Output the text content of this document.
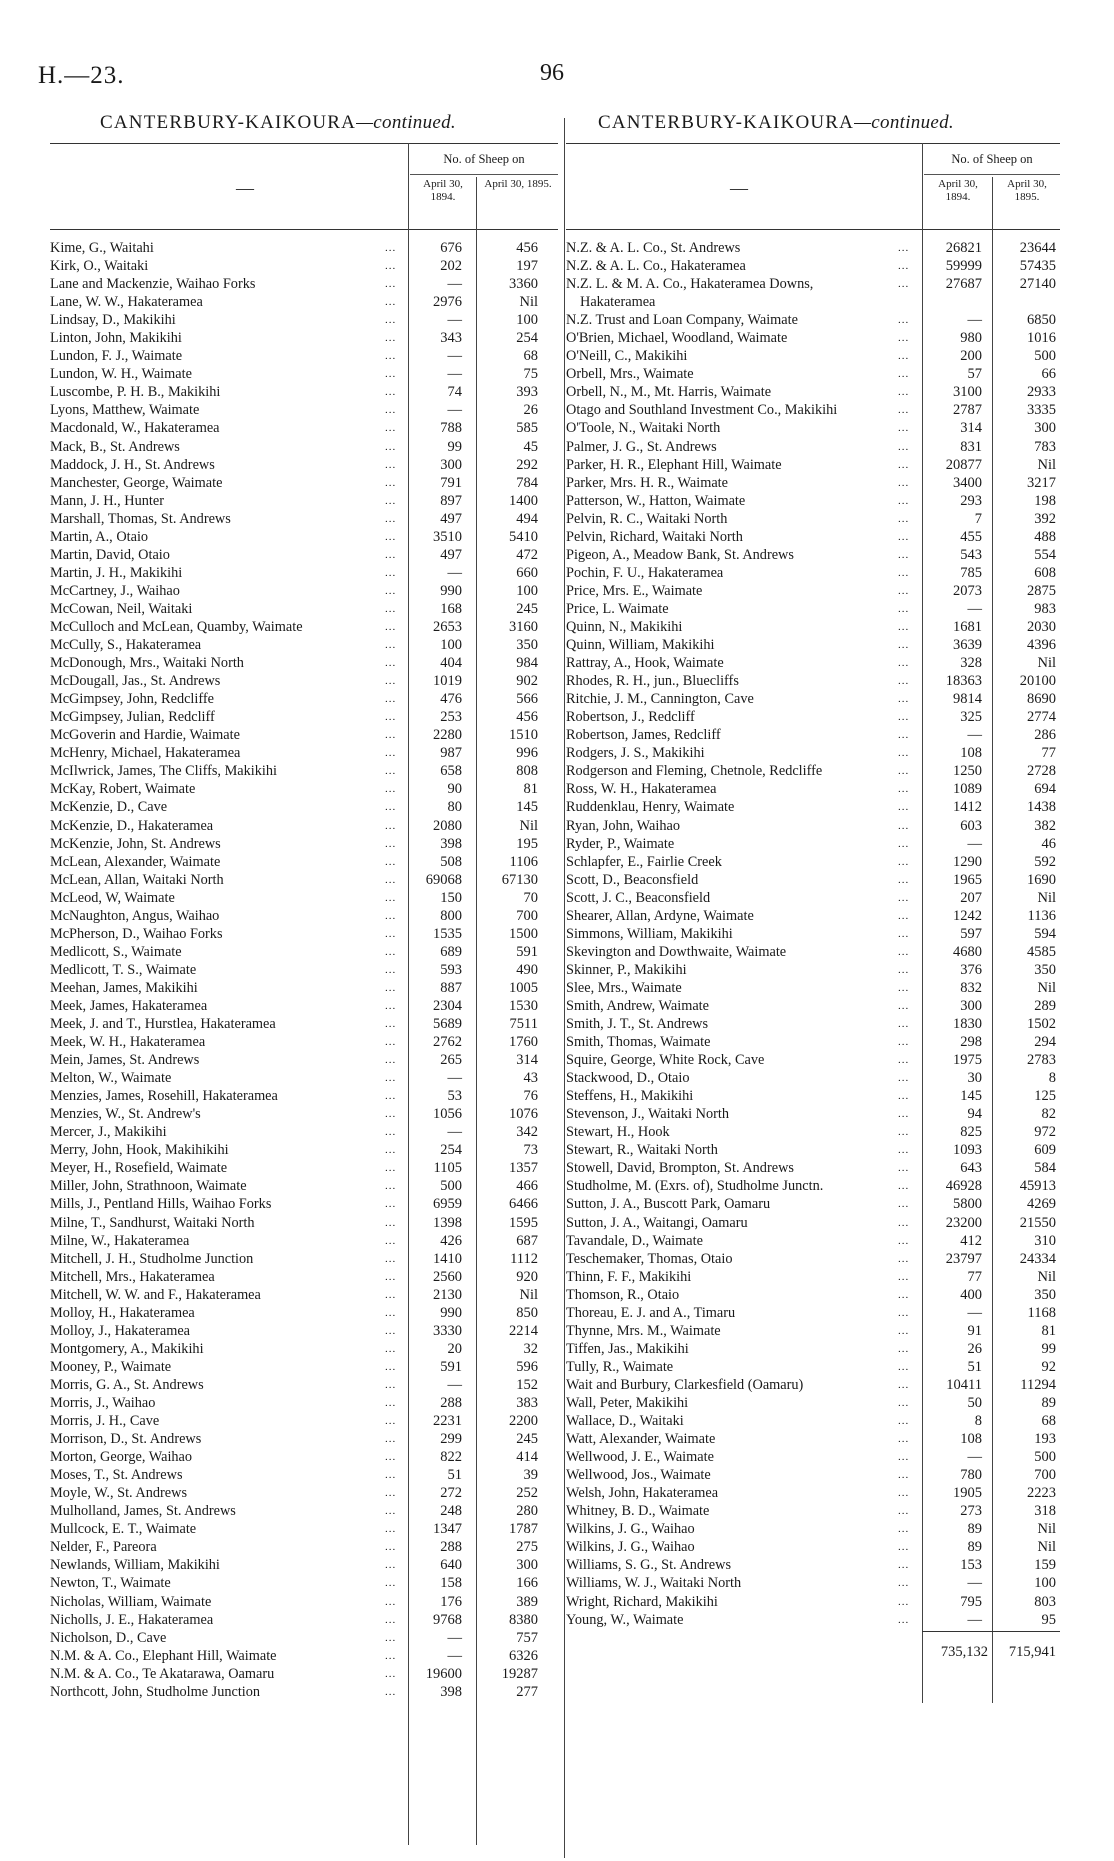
H.—23.	96
CANTERBURY-KAIKOURA—continued.	CANTERBURY-KAIKOURA—continued.
—
No. of Sheep on
April 30, 1894.
April 30, 1895.
Kime, G., Waitahi	...	676	456
Kirk, O., Waitaki	...	202	197
Lane and Mackenzie, Waihao Forks	...	—	3360
Lane, W. W., Hakateramea	...	2976	Nil
Lindsay, D., Makikihi	...	—	100
Linton, John, Makikihi	...	343	254
Lundon, F. J., Waimate	...	—	68
Lundon, W. H., Waimate	...	—	75
Luscombe, P. H. B., Makikihi	...	74	393
Lyons, Matthew, Waimate	...	—	26
Macdonald, W., Hakateramea	...	788	585
Mack, B., St. Andrews	...	99	45
Maddock, J. H., St. Andrews	...	300	292
Manchester, George, Waimate	...	791	784
Mann, J. H., Hunter	...	897	1400
Marshall, Thomas, St. Andrews	...	497	494
Martin, A., Otaio	...	3510	5410
Martin, David, Otaio	...	497	472
Martin, J. H., Makikihi	...	—	660
McCartney, J., Waihao	...	990	100
McCowan, Neil, Waitaki	...	168	245
McCulloch and McLean, Quamby, Waimate	...	2653	3160
McCully, S., Hakateramea	...	100	350
McDonough, Mrs., Waitaki North	...	404	984
McDougall, Jas., St. Andrews	...	1019	902
McGimpsey, John, Redcliffe	...	476	566
McGimpsey, Julian, Redcliff	...	253	456
McGoverin and Hardie, Waimate	...	2280	1510
McHenry, Michael, Hakateramea	...	987	996
McIlwrick, James, The Cliffs, Makikihi	...	658	808
McKay, Robert, Waimate	...	90	81
McKenzie, D., Cave	...	80	145
McKenzie, D., Hakateramea	...	2080	Nil
McKenzie, John, St. Andrews	...	398	195
McLean, Alexander, Waimate	...	508	1106
McLean, Allan, Waitaki North	...	69068	67130
McLeod, W, Waimate	...	150	70
McNaughton, Angus, Waihao	...	800	700
McPherson, D., Waihao Forks	...	1535	1500
Medlicott, S., Waimate	...	689	591
Medlicott, T. S., Waimate	...	593	490
Meehan, James, Makikihi	...	887	1005
Meek, James, Hakateramea	...	2304	1530
Meek, J. and T., Hurstlea, Hakateramea	...	5689	7511
Meek, W. H., Hakateramea	...	2762	1760
Mein, James, St. Andrews	...	265	314
Melton, W., Waimate	...	—	43
Menzies, James, Rosehill, Hakateramea	...	53	76
Menzies, W., St. Andrew's	...	1056	1076
Mercer, J., Makikihi	...	—	342
Merry, John, Hook, Makihikihi	...	254	73
Meyer, H., Rosefield, Waimate	...	1105	1357
Miller, John, Strathnoon, Waimate	...	500	466
Mills, J., Pentland Hills, Waihao Forks	...	6959	6466
Milne, T., Sandhurst, Waitaki North	...	1398	1595
Milne, W., Hakateramea	...	426	687
Mitchell, J. H., Studholme Junction	...	1410	1112
Mitchell, Mrs., Hakateramea	...	2560	920
Mitchell, W. W. and F., Hakateramea	...	2130	Nil
Molloy, H., Hakateramea	...	990	850
Molloy, J., Hakateramea	...	3330	2214
Montgomery, A., Makikihi	...	20	32
Mooney, P., Waimate	...	591	596
Morris, G. A., St. Andrews	...	—	152
Morris, J., Waihao	...	288	383
Morris, J. H., Cave	...	2231	2200
Morrison, D., St. Andrews	...	299	245
Morton, George, Waihao	...	822	414
Moses, T., St. Andrews	...	51	39
Moyle, W., St. Andrews	...	272	252
Mulholland, James, St. Andrews	...	248	280
Mullcock, E. T., Waimate	...	1347	1787
Nelder, F., Pareora	...	288	275
Newlands, William, Makikihi	...	640	300
Newton, T., Waimate	...	158	166
Nicholas, William, Waimate	...	176	389
Nicholls, J. E., Hakateramea	...	9768	8380
Nicholson, D., Cave	...	—	757
N.M. & A. Co., Elephant Hill, Waimate	...	—	6326
N.M. & A. Co., Te Akatarawa, Oamaru	...	19600	19287
Northcott, John, Studholme Junction	...	398	277
—
No. of Sheep on
April 30, 1894.
April 30, 1895.
N.Z. & A. L. Co., St. Andrews	...	26821	23644
N.Z. & A. L. Co., Hakateramea	...	59999	57435
N.Z. L. & M. A. Co., Hakateramea Downs,	...	27687	27140
Hakateramea
N.Z. Trust and Loan Company, Waimate	...	—	6850
O'Brien, Michael, Woodland, Waimate	...	980	1016
O'Neill, C., Makikihi	...	200	500
Orbell, Mrs., Waimate	...	57	66
Orbell, N., M., Mt. Harris, Waimate	...	3100	2933
Otago and Southland Investment Co., Makikihi	...	2787	3335
O'Toole, N., Waitaki North	...	314	300
Palmer, J. G., St. Andrews	...	831	783
Parker, H. R., Elephant Hill, Waimate	...	20877	Nil
Parker, Mrs. H. R., Waimate	...	3400	3217
Patterson, W., Hatton, Waimate	...	293	198
Pelvin, R. C., Waitaki North	...	7	392
Pelvin, Richard, Waitaki North	...	455	488
Pigeon, A., Meadow Bank, St. Andrews	...	543	554
Pochin, F. U., Hakateramea	...	785	608
Price, Mrs. E., Waimate	...	2073	2875
Price, L. Waimate	...	—	983
Quinn, N., Makikihi	...	1681	2030
Quinn, William, Makikihi	...	3639	4396
Rattray, A., Hook, Waimate	...	328	Nil
Rhodes, R. H., jun., Bluecliffs	...	18363	20100
Ritchie, J. M., Cannington, Cave	...	9814	8690
Robertson, J., Redcliff	...	325	2774
Robertson, James, Redcliff	...	—	286
Rodgers, J. S., Makikihi	...	108	77
Rodgerson and Fleming, Chetnole, Redcliffe	...	1250	2728
Ross, W. H., Hakateramea	...	1089	694
Ruddenklau, Henry, Waimate	...	1412	1438
Ryan, John, Waihao	...	603	382
Ryder, P., Waimate	...	—	46
Schlapfer, E., Fairlie Creek	...	1290	592
Scott, D., Beaconsfield	...	1965	1690
Scott, J. C., Beaconsfield	...	207	Nil
Shearer, Allan, Ardyne, Waimate	...	1242	1136
Simmons, William, Makikihi	...	597	594
Skevington and Dowthwaite, Waimate	...	4680	4585
Skinner, P., Makikihi	...	376	350
Slee, Mrs., Waimate	...	832	Nil
Smith, Andrew, Waimate	...	300	289
Smith, J. T., St. Andrews	...	1830	1502
Smith, Thomas, Waimate	...	298	294
Squire, George, White Rock, Cave	...	1975	2783
Stackwood, D., Otaio	...	30	8
Steffens, H., Makikihi	...	145	125
Stevenson, J., Waitaki North	...	94	82
Stewart, H., Hook	...	825	972
Stewart, R., Waitaki North	...	1093	609
Stowell, David, Brompton, St. Andrews	...	643	584
Studholme, M. (Exrs. of), Studholme Junctn.	...	46928	45913
Sutton, J. A., Buscott Park, Oamaru	...	5800	4269
Sutton, J. A., Waitangi, Oamaru	...	23200	21550
Tavandale, D., Waimate	...	412	310
Teschemaker, Thomas, Otaio	...	23797	24334
Thinn, F. F., Makikihi	...	77	Nil
Thomson, R., Otaio	...	400	350
Thoreau, E. J. and A., Timaru	...	—	1168
Thynne, Mrs. M., Waimate	...	91	81
Tiffen, Jas., Makikihi	...	26	99
Tully, R., Waimate	...	51	92
Wait and Burbury, Clarkesfield (Oamaru)	...	10411	11294
Wall, Peter, Makikihi	...	50	89
Wallace, D., Waitaki	...	8	68
Watt, Alexander, Waimate	...	108	193
Wellwood, J. E., Waimate	...	—	500
Wellwood, Jos., Waimate	...	780	700
Welsh, John, Hakateramea	...	1905	2223
Whitney, B. D., Waimate	...	273	318
Wilkins, J. G., Waihao	...	89	Nil
Wilkins, J. G., Waihao	...	89	Nil
Williams, S. G., St. Andrews	...	153	159
Williams, W. J., Waitaki North	...	—	100
Wright, Richard, Makikihi	...	795	803
Young, W., Waimate	...	—	95
735,132	715,941
